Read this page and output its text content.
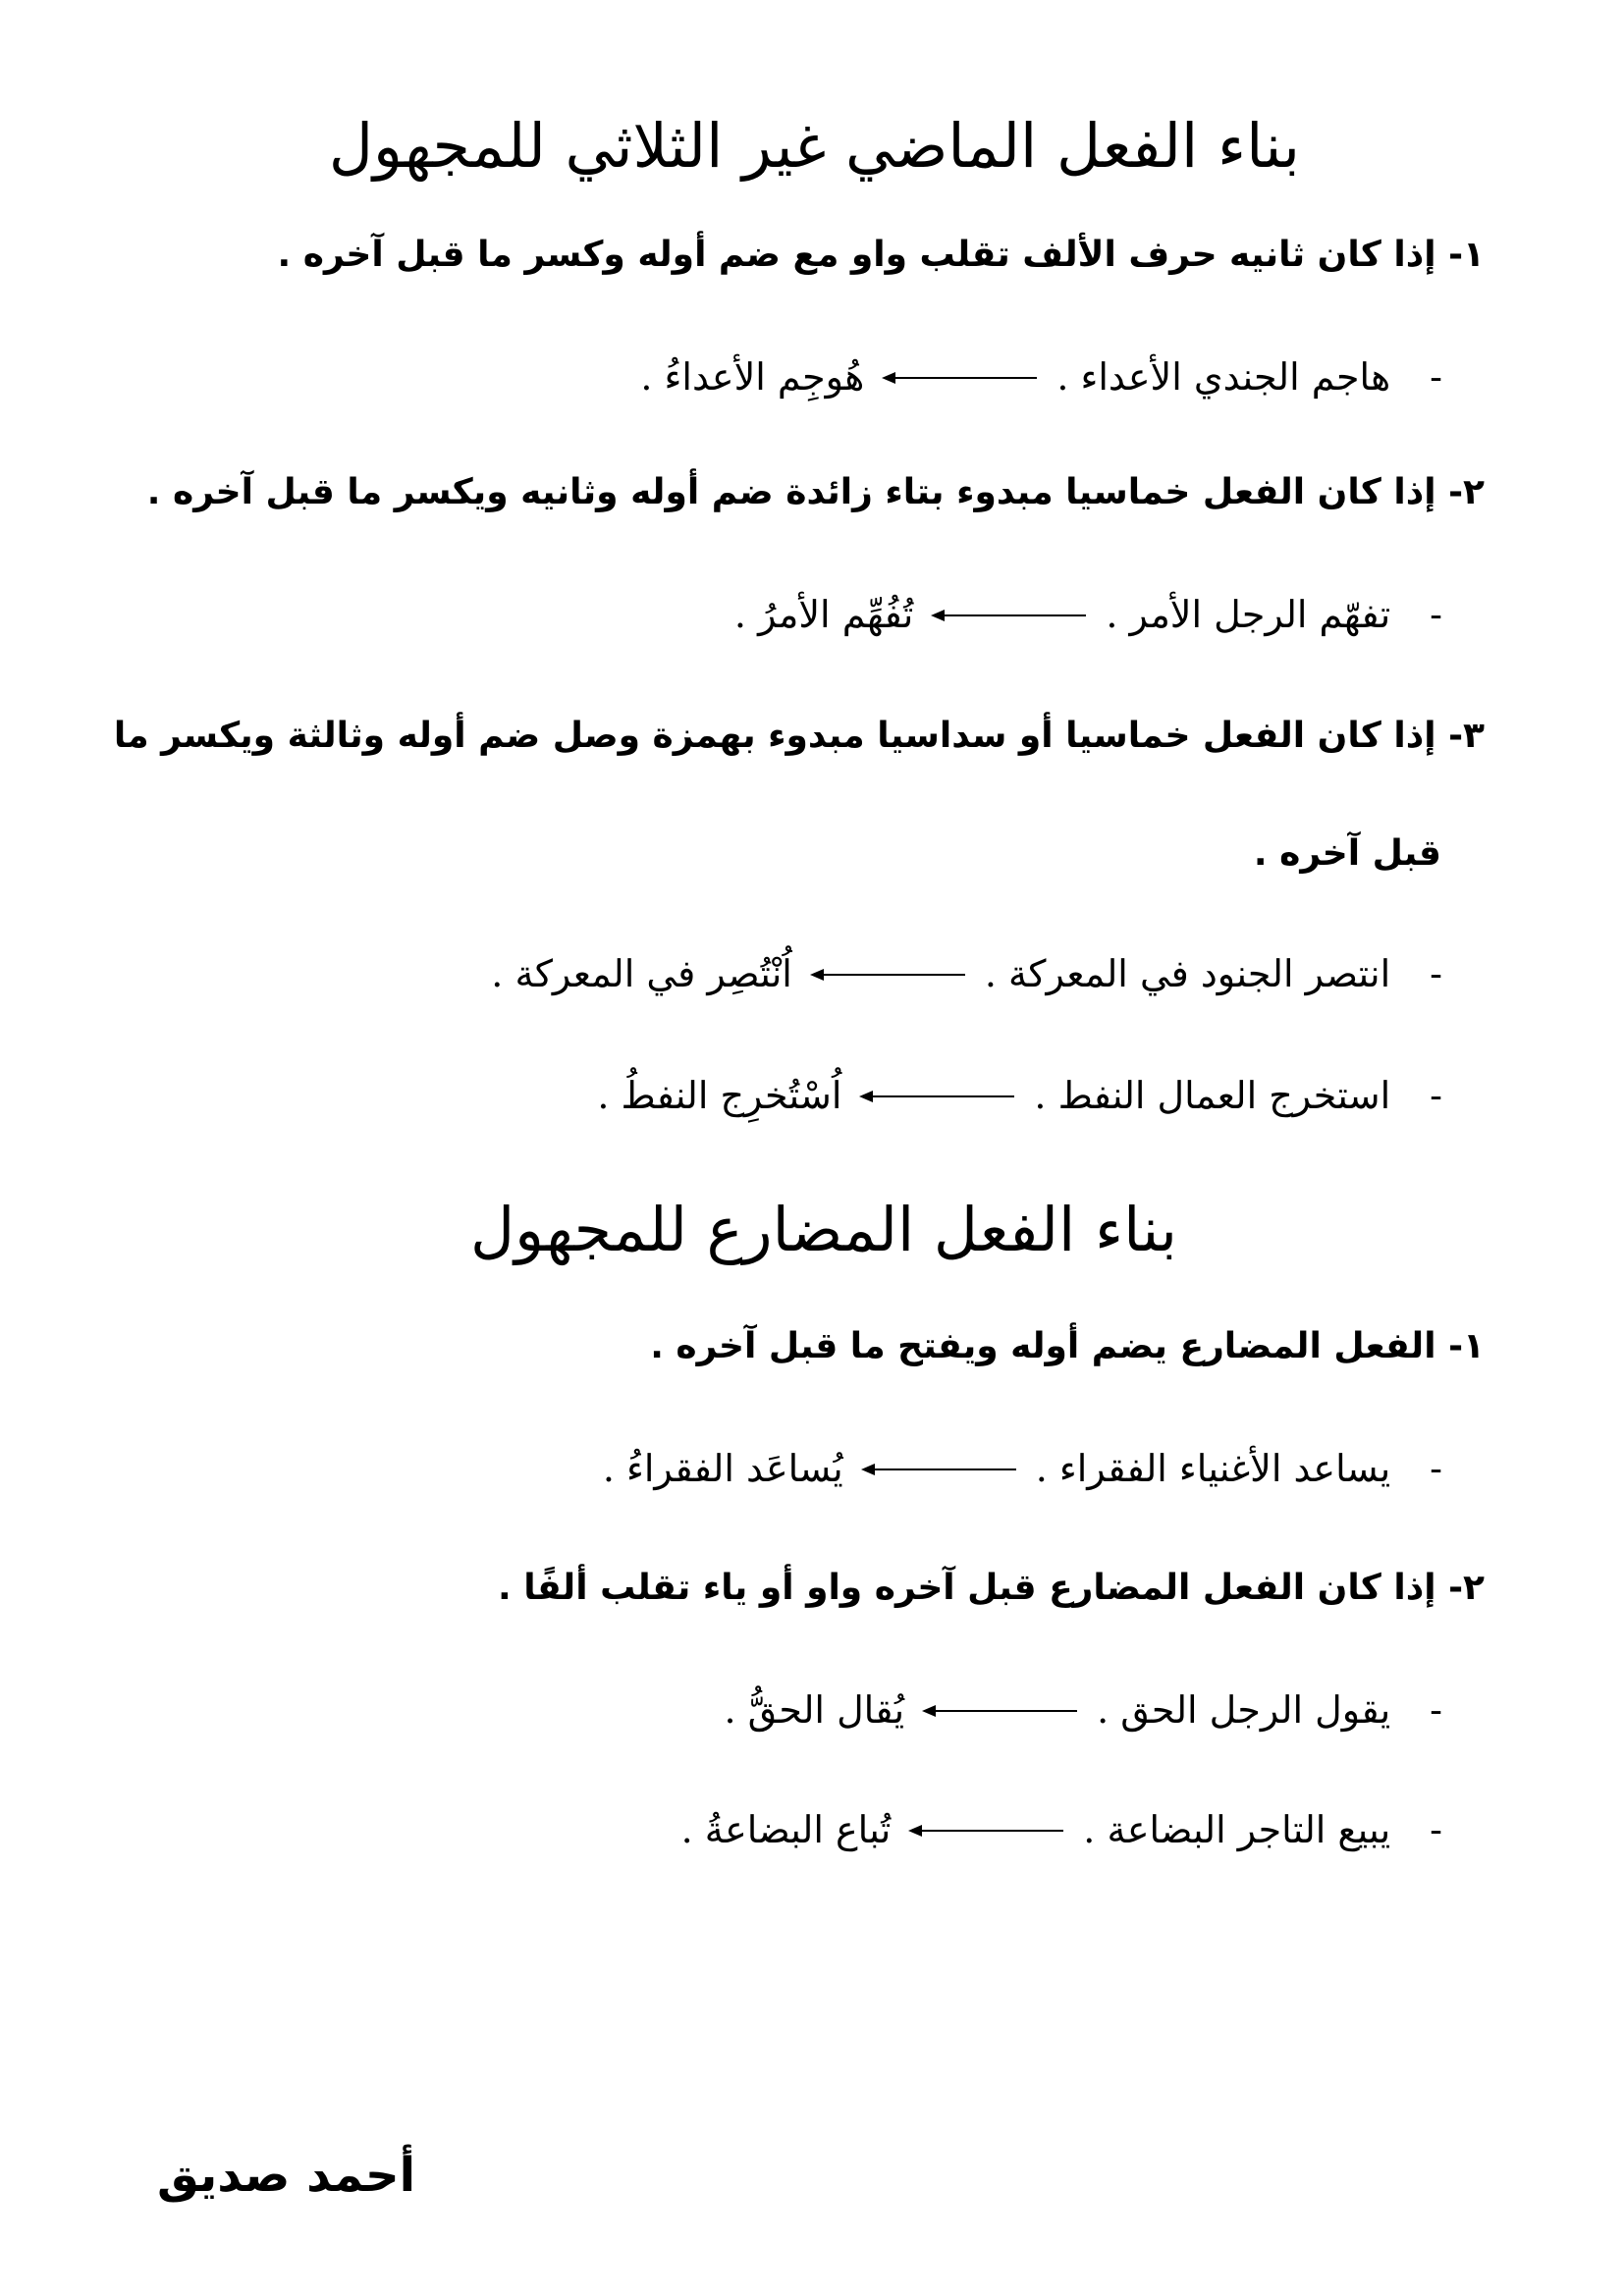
بناء الفعل الماضي غير الثلاثي للمجهول
١- إذا كان ثانيه حرف الألف تقلب واو مع ضم أوله وكسر ما قبل آخره .
-
هاجم الجندي الأعداء .
هُوجِم الأعداءُ .
٢- إذا كان الفعل خماسيا مبدوء بتاء زائدة ضم أوله وثانيه ويكسر ما قبل آخره .
-
تفهّم الرجل الأمر .
تُفُهِّم الأمرُ .
٣- إذا كان الفعل خماسيا أو سداسيا مبدوء بهمزة وصل ضم أوله وثالثة ويكسر ما
قبل آخره .
-
انتصر الجنود في المعركة .
اُنْتُصِر في المعركة .
-
استخرج العمال النفط .
اُسْتُخرِج النفطُ .
بناء الفعل المضارع للمجهول
١- الفعل المضارع يضم أوله ويفتح ما قبل آخره .
-
يساعد الأغنياء الفقراء .
يُساعَد الفقراءُ .
٢- إذا كان الفعل المضارع قبل آخره واو أو ياء تقلب ألفًا .
-
يقول الرجل الحق .
يُقال الحقُّ .
-
يبيع التاجر البضاعة .
تُباع البضاعةُ .
أحمد صديق
